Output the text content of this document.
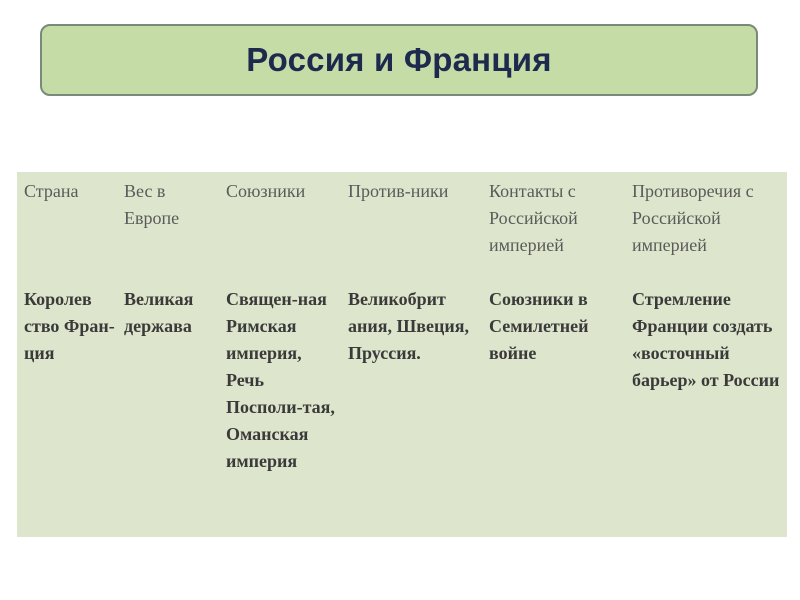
Россия и Франция
Страна	Вес в Европе	Союзники	Против-ники	Контакты с Российской империей	Противоречия с Российской империей
Королев ство Фран-ция	Великая держава	Священ-ная Римская империя, Речь Посполи-тая, Оманская империя	Великобрит ания, Швеция, Пруссия.	Союзники в Семилетней войне	Стремление Франции создать «восточный барьер» от России
